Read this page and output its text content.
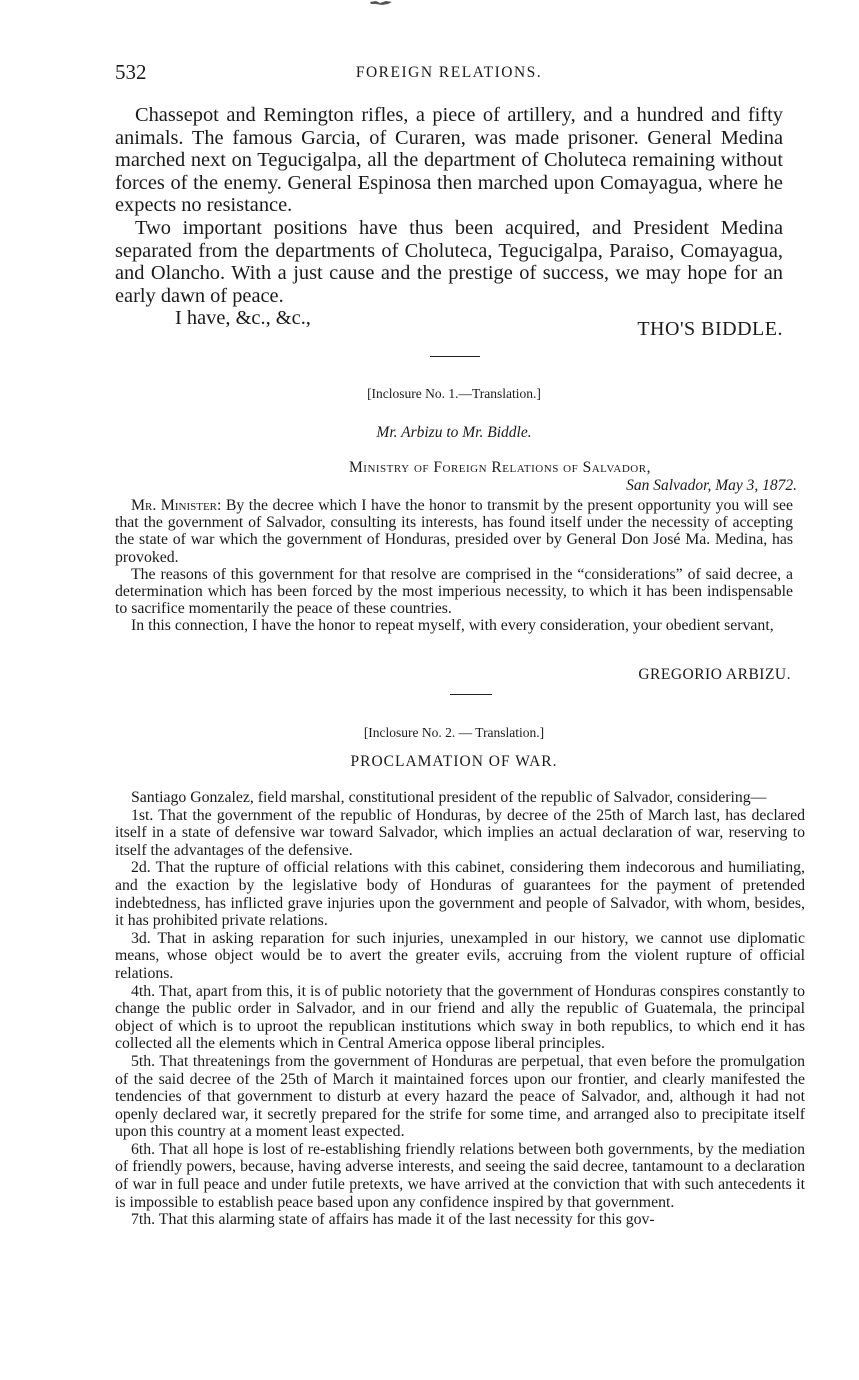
532	FOREIGN RELATIONS.

Chassepot and Remington rifles, a piece of artillery, and a hundred and fifty animals. The famous Garcia, of Curaren, was made prisoner. General Medina marched next on Tegucigalpa, all the department of Choluteca remaining without forces of the enemy. General Espinosa then marched upon Comayagua, where he expects no resistance.

Two important positions have thus been acquired, and President Medina separated from the departments of Choluteca, Tegucigalpa, Paraiso, Comayagua, and Olancho. With a just cause and the prestige of success, we may hope for an early dawn of peace.

I have, &c., &c.,	THO'S BIDDLE.
[Inclosure No. 1.—Translation.]
Mr. Arbizu to Mr. Biddle.
Ministry of Foreign Relations of Salvador,
San Salvador, May 3, 1872.

Mr. Minister: By the decree which I have the honor to transmit by the present opportunity you will see that the government of Salvador, consulting its interests, has found itself under the necessity of accepting the state of war which the government of Honduras, presided over by General Don José Ma. Medina, has provoked.

The reasons of this government for that resolve are comprised in the “considerations” of said decree, a determination which has been forced by the most imperious necessity, to which it has been indispensable to sacrifice momentarily the peace of these countries.

In this connection, I have the honor to repeat myself, with every consideration, your obedient servant,

GREGORIO ARBIZU.
[Inclosure No. 2. — Translation.]
PROCLAMATION OF WAR.

Santiago Gonzalez, field marshal, constitutional president of the republic of Salvador, considering—

1st. That the government of the republic of Honduras, by decree of the 25th of March last, has declared itself in a state of defensive war toward Salvador, which implies an actual declaration of war, reserving to itself the advantages of the defensive.

2d. That the rupture of official relations with this cabinet, considering them indecorous and humiliating, and the exaction by the legislative body of Honduras of guarantees for the payment of pretended indebtedness, has inflicted grave injuries upon the government and people of Salvador, with whom, besides, it has prohibited private relations.

3d. That in asking reparation for such injuries, unexampled in our history, we cannot use diplomatic means, whose object would be to avert the greater evils, accruing from the violent rupture of official relations.

4th. That, apart from this, it is of public notoriety that the government of Honduras conspires constantly to change the public order in Salvador, and in our friend and ally the republic of Guatemala, the principal object of which is to uproot the republican institutions which sway in both republics, to which end it has collected all the elements which in Central America oppose liberal principles.

5th. That threatenings from the government of Honduras are perpetual, that even before the promulgation of the said decree of the 25th of March it maintained forces upon our frontier, and clearly manifested the tendencies of that government to disturb at every hazard the peace of Salvador, and, although it had not openly declared war, it secretly prepared for the strife for some time, and arranged also to precipitate itself upon this country at a moment least expected.

6th. That all hope is lost of re-establishing friendly relations between both governments, by the mediation of friendly powers, because, having adverse interests, and seeing the said decree, tantamount to a declaration of war in full peace and under futile pretexts, we have arrived at the conviction that with such antecedents it is impossible to establish peace based upon any confidence inspired by that government.

7th. That this alarming state of affairs has made it of the last necessity for this gov-
